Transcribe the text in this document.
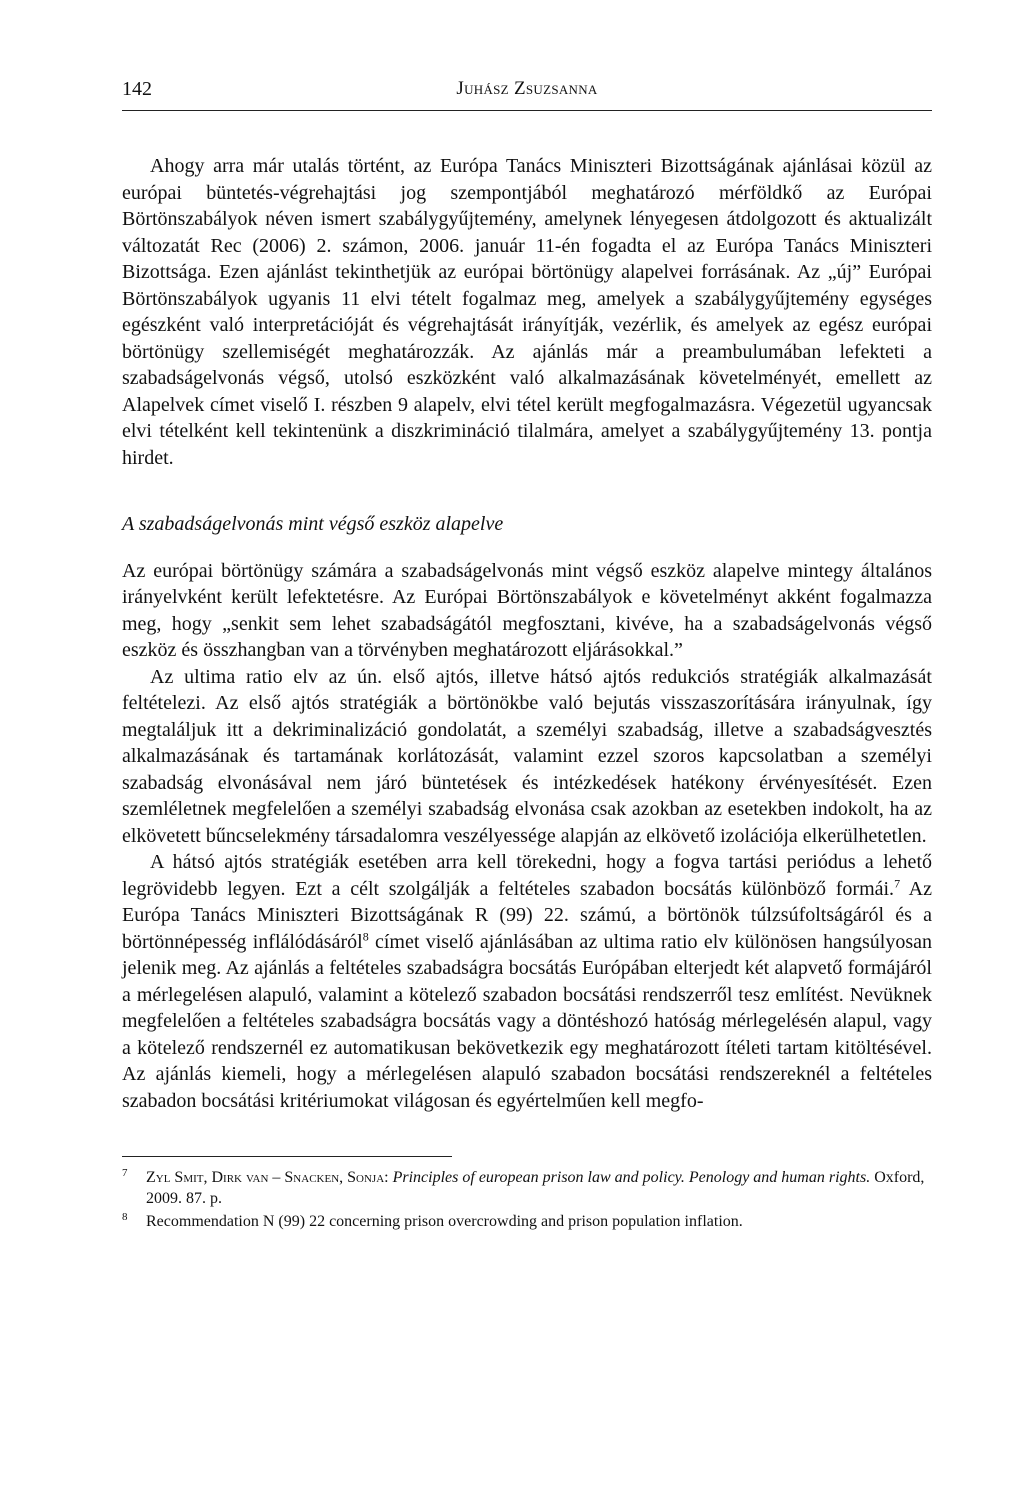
142	Juhász Zsuzsanna

Ahogy arra már utalás történt, az Európa Tanács Miniszteri Bizottságának ajánlásai közül az európai büntetés-végrehajtási jog szempontjából meghatározó mérföldkő az Európai Börtönszabályok néven ismert szabálygyűjtemény, amelynek lényegesen átdolgozott és aktualizált változatát Rec (2006) 2. számon, 2006. január 11-én fogadta el az Európa Tanács Miniszteri Bizottsága. Ezen ajánlást tekinthetjük az európai börtönügy alapelvei forrásának. Az „új” Európai Börtönszabályok ugyanis 11 elvi tételt fogalmaz meg, amelyek a szabálygyűjtemény egységes egészként való interpretációját és végrehajtását irányítják, vezérlik, és amelyek az egész európai börtönügy szellemiségét meghatározzák. Az ajánlás már a preambulumában lefekteti a szabadságelvonás végső, utolsó eszközként való alkalmazásának követelményét, emellett az Alapelvek címet viselő I. részben 9 alapelv, elvi tétel került megfogalmazásra. Végezetül ugyancsak elvi tételként kell tekintenünk a diszkrimináció tilalmára, amelyet a szabálygyűjtemény 13. pontja hirdet.

A szabadságelvonás mint végső eszköz alapelve

Az európai börtönügy számára a szabadságelvonás mint végső eszköz alapelve mintegy általános irányelvként került lefektetésre. Az Európai Börtönszabályok e követelményt akként fogalmazza meg, hogy „senkit sem lehet szabadságától megfosztani, kivéve, ha a szabadságelvonás végső eszköz és összhangban van a törvényben meghatározott eljárásokkal.”

Az ultima ratio elv az ún. első ajtós, illetve hátsó ajtós redukciós stratégiák alkalmazását feltételezi. Az első ajtós stratégiák a börtönökbe való bejutás visszaszorítására irányulnak, így megtaláljuk itt a dekriminalizáció gondolatát, a személyi szabadság, illetve a szabadságvesztés alkalmazásának és tartamának korlátozását, valamint ezzel szoros kapcsolatban a személyi szabadság elvonásával nem járó büntetések és intézkedések hatékony érvényesítését. Ezen szemléletnek megfelelően a személyi szabadság elvonása csak azokban az esetekben indokolt, ha az elkövetett bűncselekmény társadalomra veszélyessége alapján az elkövető izolációja elkerülhetetlen.

A hátsó ajtós stratégiák esetében arra kell törekedni, hogy a fogva tartási periódus a lehető legrövidebb legyen. Ezt a célt szolgálják a feltételes szabadon bocsátás különböző formái.$^7$ Az Európa Tanács Miniszteri Bizottságának R (99) 22. számú, a börtönök túlzsúfoltságáról és a börtönnépesség inflálódásáról$^8$ címet viselő ajánlásában az ultima ratio elv különösen hangsúlyosan jelenik meg. Az ajánlás a feltételes szabadságra bocsátás Európában elterjedt két alapvető formájáról a mérlegelésen alapuló, valamint a kötelező szabadon bocsátási rendszerről tesz említést. Nevüknek megfelelően a feltételes szabadságra bocsátás vagy a döntéshozó hatóság mérlegelésén alapul, vagy a kötelező rendszernél ez automatikusan bekövetkezik egy meghatározott ítéleti tartam kitöltésével. Az ajánlás kiemeli, hogy a mérlegelésen alapuló szabadon bocsátási rendszereknél a feltételes szabadon bocsátási kritériumokat világosan és egyértelműen kell megfo-

7 Zyl Smit, Dirk van – Snacken, Sonja: Principles of european prison law and policy. Penology and human rights. Oxford, 2009. 87. p.

8 Recommendation N (99) 22 concerning prison overcrowding and prison population inflation.
